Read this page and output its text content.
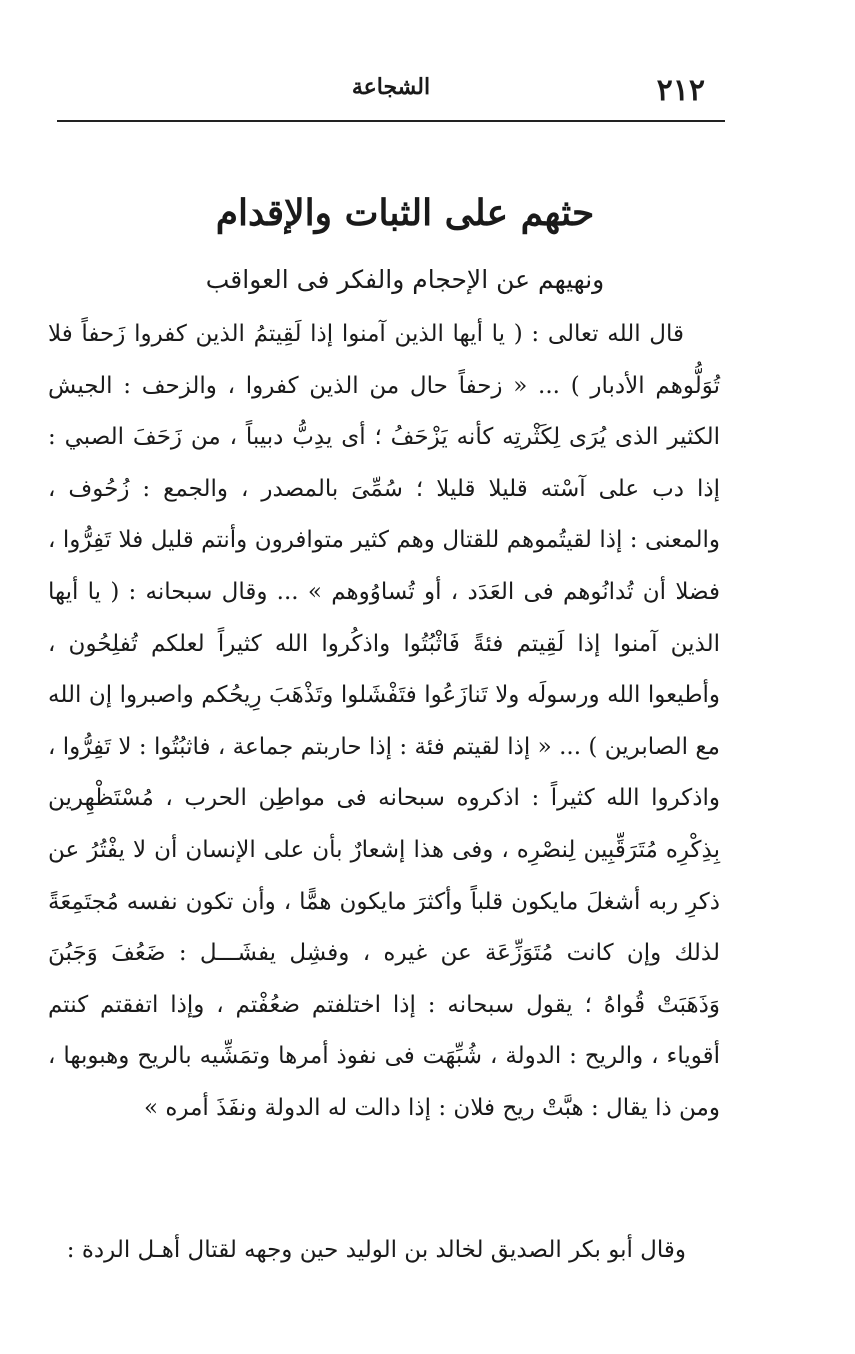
٢١٢
الشجاعة
حثهم على الثبات والإقدام
ونهيهم عن الإحجام والفكر فى العواقب

قال الله تعالى : ( يا أيها الذين آمنوا إذا لَقِيتمُ الذين كفروا زَحفاً فلا تُوَلُّوهم الأدبار ) ... « زحفاً حال من الذين كفروا ، والزحف : الجيش الكثير الذى يُرَى لِكَثْرتِه كأنه يَزْحَفُ ؛ أى يدِبُّ دبيباً ، من زَحَفَ الصبي : إذا دب على آسْته قليلا قليلا ؛ سُمِّىَ بالمصدر ، والجمع : زُحُوف ، والمعنى : إذا لقيتُموهم للقتال وهم كثير متوافرون وأنتم قليل فلا تَفِرُّوا ، فضلا أن تُدانُوهم فى العَدَد ، أو تُساوُوهم » ... وقال سبحانه : ( يا أيها الذين آمنوا إذا لَقِيتم فئةً فَاثْبُتُوا واذكُروا الله كثيراً لعلكم تُفلِحُون ، وأطيعوا الله ورسولَه ولا تَنازَعُوا فتَفْشَلوا وتَذْهَبَ رِيحُكم واصبروا إن الله مع الصابرين ) ... « إذا لقيتم فئة : إذا حاربتم جماعة ، فاثبُتُوا : لا تَفِرُّوا ، واذكروا الله كثيراً : اذكروه سبحانه فى مواطِن الحرب ، مُسْتَظْهِرين بِذِكْرِه مُتَرَقِّبِين لِنصْرِه ، وفى هذا إشعارٌ بأن على الإنسان أن لا يفْتُرُ عن ذكرِ ربه أشغلَ مايكون قلباً وأكثرَ مايكون همًّا ، وأن تكون نفسه مُجتَمِعَةً لذلك وإن كانت مُتَوَزِّعَة عن غيره ، وفشِل يفشَـــل : ضَعُفَ وَجَبُنَ وَذَهَبَتْ قُواهُ ؛ يقول سبحانه : إذا اختلفتم ضعُفْتم ، وإذا اتفقتم كنتم أقوياء ، والريح : الدولة ، شُبِّهَت فى نفوذ أمرها وتمَشِّيه بالريح وهبوبها ، ومن ذا يقال : هبَّتْ ريح فلان : إذا دالت له الدولة ونفَذَ أمره »

وقال أبو بكر الصديق لخالد بن الوليد حين وجهه لقتال أهـل الردة :
